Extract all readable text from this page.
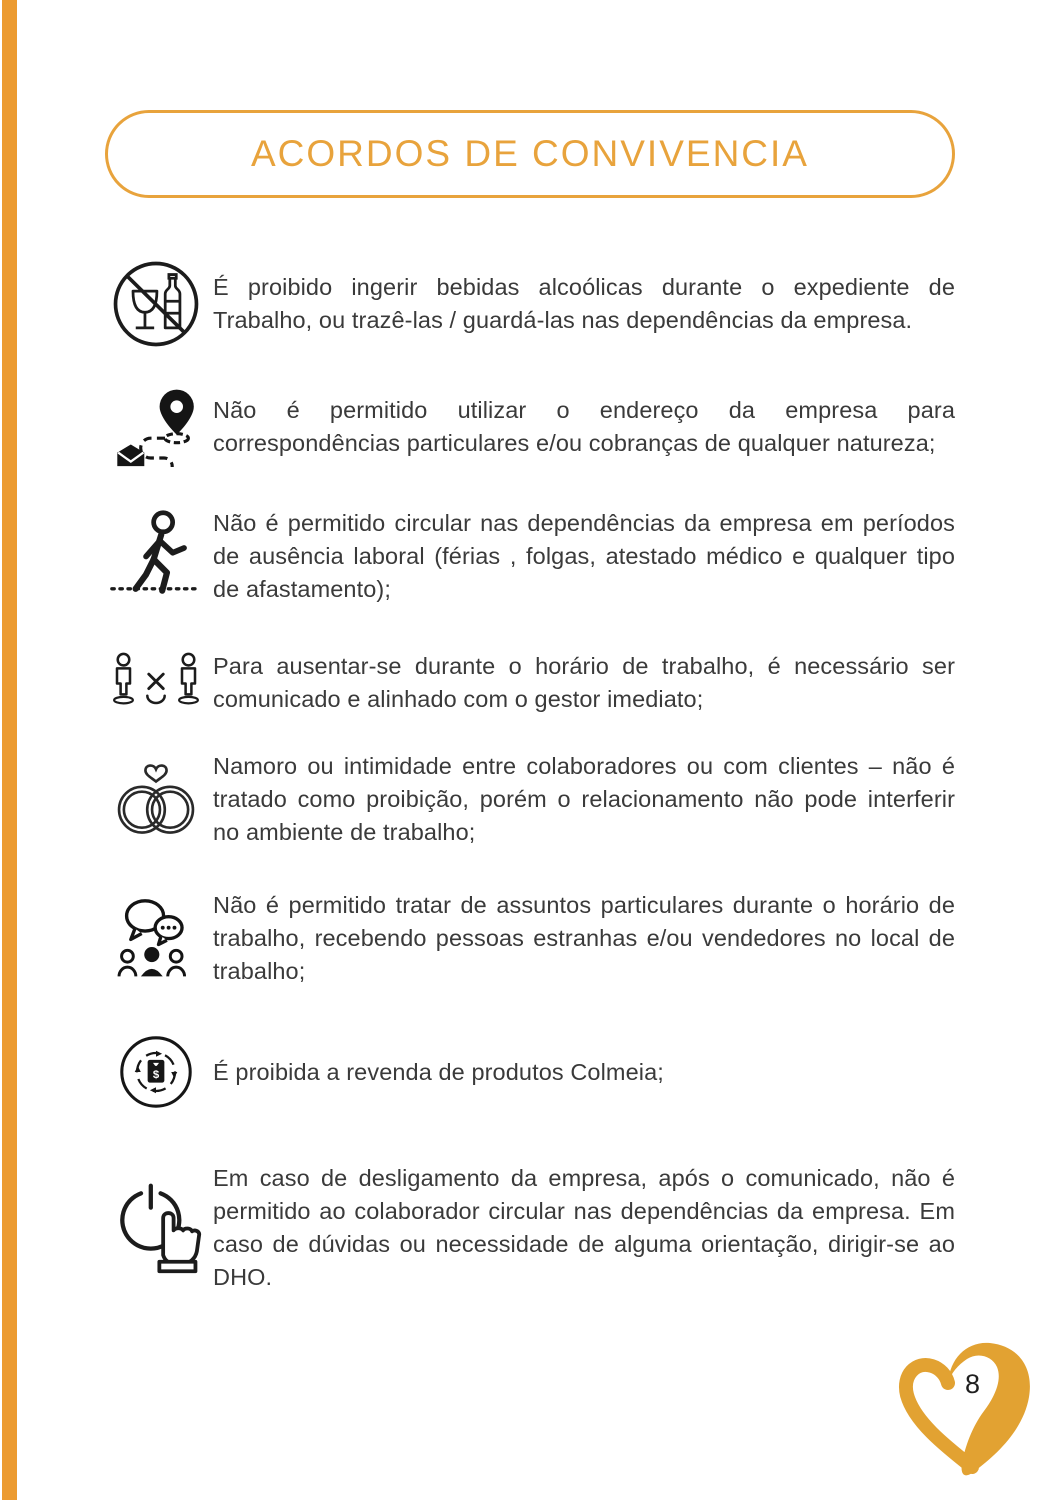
ACORDOS DE CONVIVENCIA

É proibido ingerir bebidas alcoólicas durante o expediente de Trabalho, ou trazê-las / guardá-las nas dependências da empresa.

Não é permitido utilizar o endereço da empresa para correspondências particulares e/ou cobranças de qualquer natureza;

Não é permitido circular nas dependências da empresa em períodos de ausência laboral (férias , folgas, atestado médico e qualquer tipo de afastamento);

Para ausentar-se durante o horário de trabalho, é necessário ser comunicado e alinhado com o gestor imediato;

Namoro ou intimidade entre colaboradores ou com clientes – não é tratado como proibição, porém o relacionamento não pode interferir no ambiente de trabalho;

Não é permitido tratar de assuntos particulares durante o horário de trabalho, recebendo pessoas estranhas e/ou vendedores no local de trabalho;

$ É proibida a revenda de produtos Colmeia;

Em caso de desligamento da empresa, após o comunicado, não é permitido ao colaborador circular nas dependências da empresa. Em caso de dúvidas ou necessidade de alguma orientação, dirigir-se ao DHO.

8
